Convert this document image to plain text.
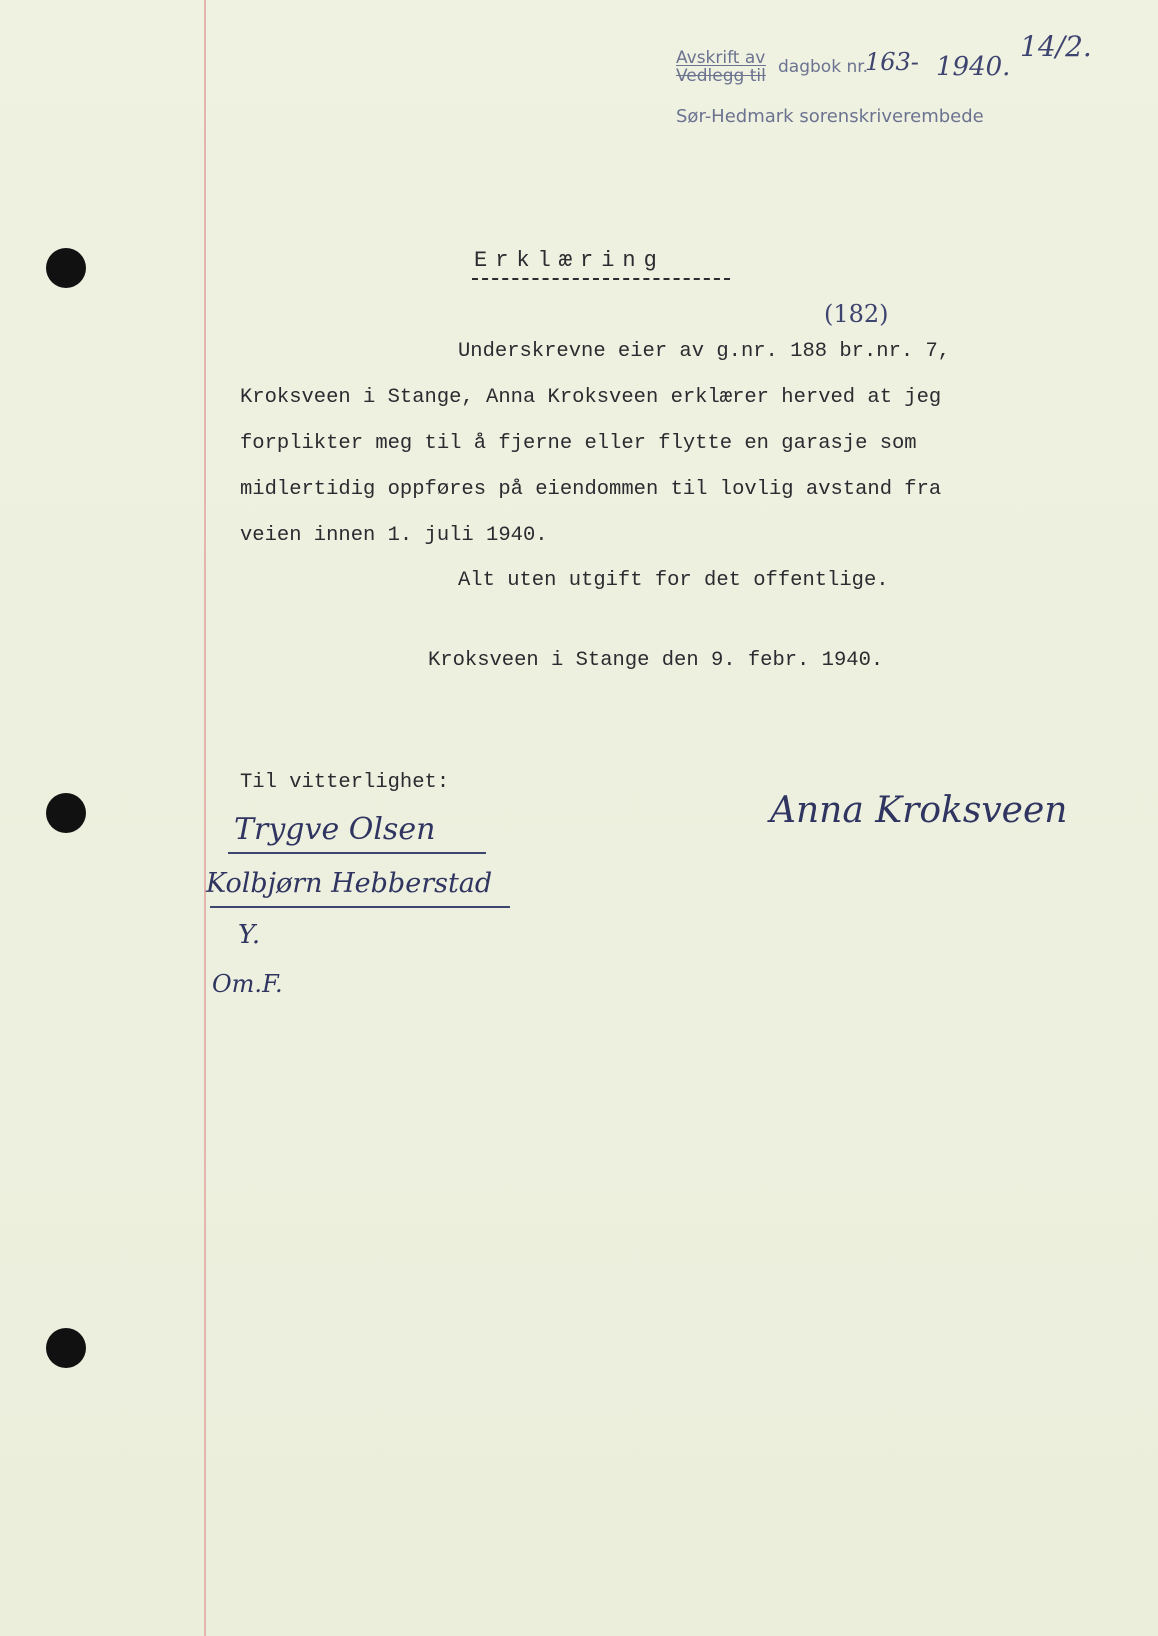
Avskrift av
Vedlegg til dagbok nr.
163- 1940.
14/2.
Sør-Hedmark sorenskriverembede
Erklæring
(182)
Underskrevne eier av g.nr. 188 br.nr. 7,
Kroksveen i Stange, Anna Kroksveen erklærer herved at jeg
forplikter meg til å fjerne eller flytte en garasje som
midlertidig oppføres på eiendommen til lovlig avstand fra
veien innen 1. juli 1940.
Alt uten utgift for det offentlige.
Kroksveen i Stange den 9. febr. 1940.
Til vitterlighet:
Trygve Olsen
Kolbjørn Hebberstad
Y.
Om.F.
Anna Kroksveen
